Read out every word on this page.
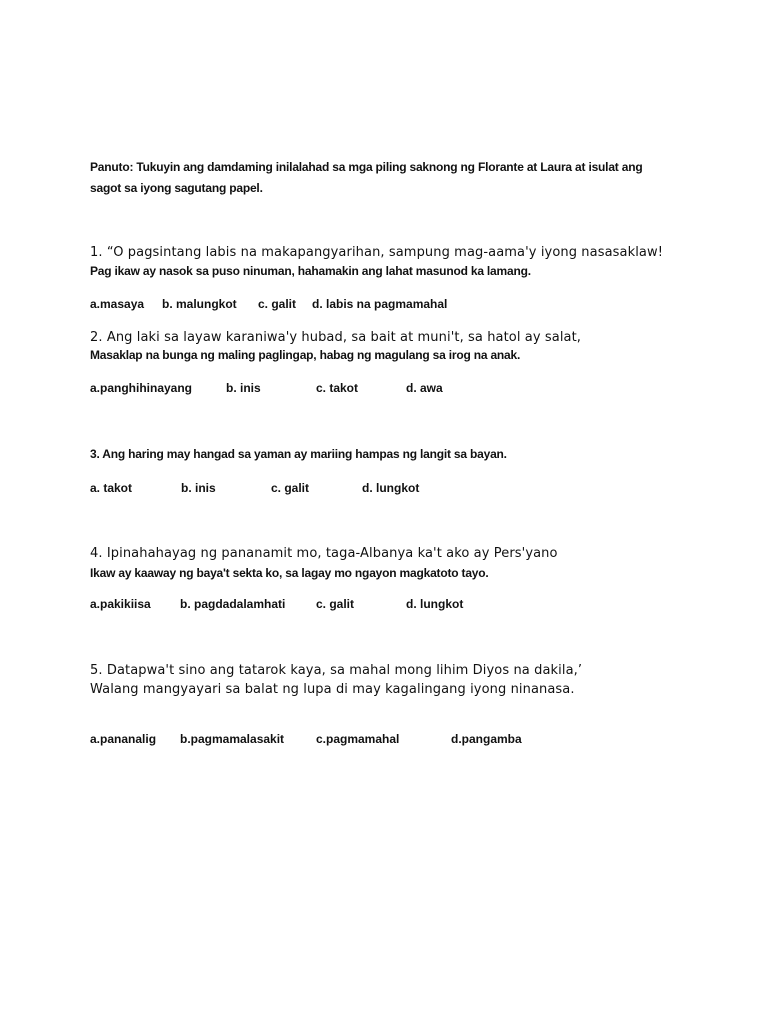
Panuto: Tukuyin ang damdaming inilalahad sa mga piling saknong ng Florante at Laura at isulat ang
sagot sa iyong sagutang papel.
1. “O pagsintang labis na makapangyarihan, sampung mag-aama'y iyong nasasaklaw!
Pag ikaw ay nasok sa puso ninuman, hahamakin ang lahat masunod ka lamang.
a.masaya b. malungkot c. galit d. labis na pagmamahal
2. Ang laki sa layaw karaniwa'y hubad, sa bait at muni't, sa hatol ay salat,
Masaklap na bunga ng maling paglingap, habag ng magulang sa irog na anak.
a.panghihinayang	b. inis	c. takot	d. awa
3. Ang haring may hangad sa yaman ay mariing hampas ng langit sa bayan.
a. takot	b. inis	c. galit	d. lungkot
4. Ipinahahayag ng pananamit mo, taga-Albanya ka't ako ay Pers'yano
Ikaw ay kaaway ng baya't sekta ko, sa lagay mo ngayon magkatoto tayo.
a.pakikiisa b. pagdadalamhati	c. galit	d. lungkot
5. Datapwa't sino ang tatarok kaya, sa mahal mong lihim Diyos na dakila,’
Walang mangyayari sa balat ng lupa di may kagalingang iyong ninanasa.
a.pananalig b.pagmamalasakit	c.pagmamahal	d.pangamba
